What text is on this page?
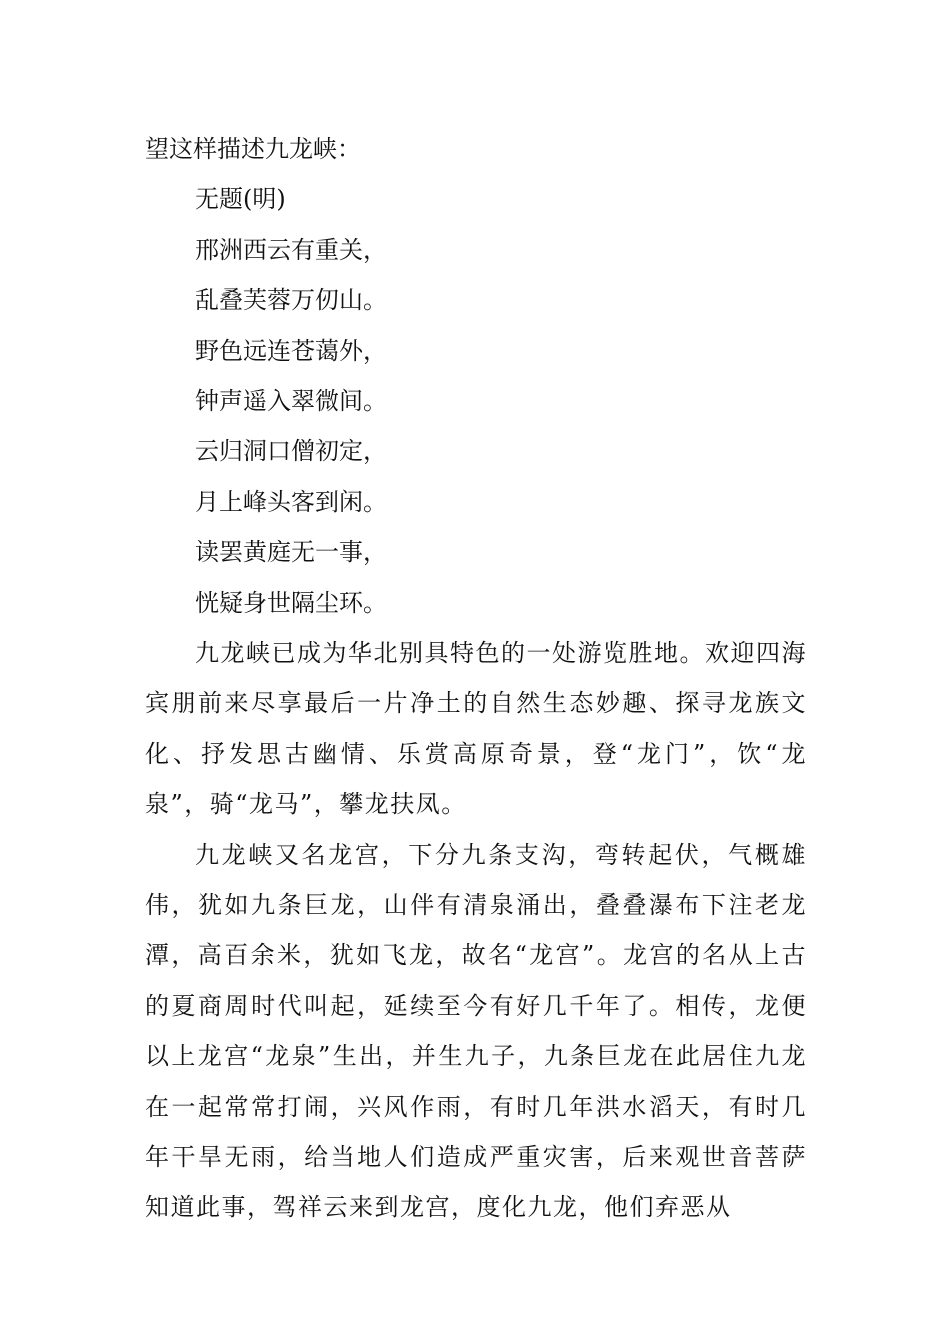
望这样描述九龙峡：

无题(明)

邢洲西云有重关，

乱叠芙蓉万仞山。

野色远连苍蔼外，

钟声遥入翠微间。

云归洞口僧初定，

月上峰头客到闲。

读罢黄庭无一事，

恍疑身世隔尘环。

九龙峡已成为华北别具特色的一处游览胜地。欢迎四海宾朋前来尽享最后一片净土的自然生态妙趣、探寻龙族文化、抒发思古幽情、乐赏高原奇景，登“龙门”，饮“龙泉”，骑“龙马”，攀龙扶凤。

九龙峡又名龙宫，下分九条支沟，弯转起伏，气概雄伟，犹如九条巨龙，山伴有清泉涌出，叠叠瀑布下注老龙潭，高百余米，犹如飞龙，故名“龙宫”。龙宫的名从上古的夏商周时代叫起，延续至今有好几千年了。相传，龙便以上龙宫“龙泉”生出，并生九子，九条巨龙在此居住九龙在一起常常打闹，兴风作雨，有时几年洪水滔天，有时几年干旱无雨，给当地人们造成严重灾害，后来观世音菩萨知道此事，驾祥云来到龙宫，度化九龙，他们弃恶从
